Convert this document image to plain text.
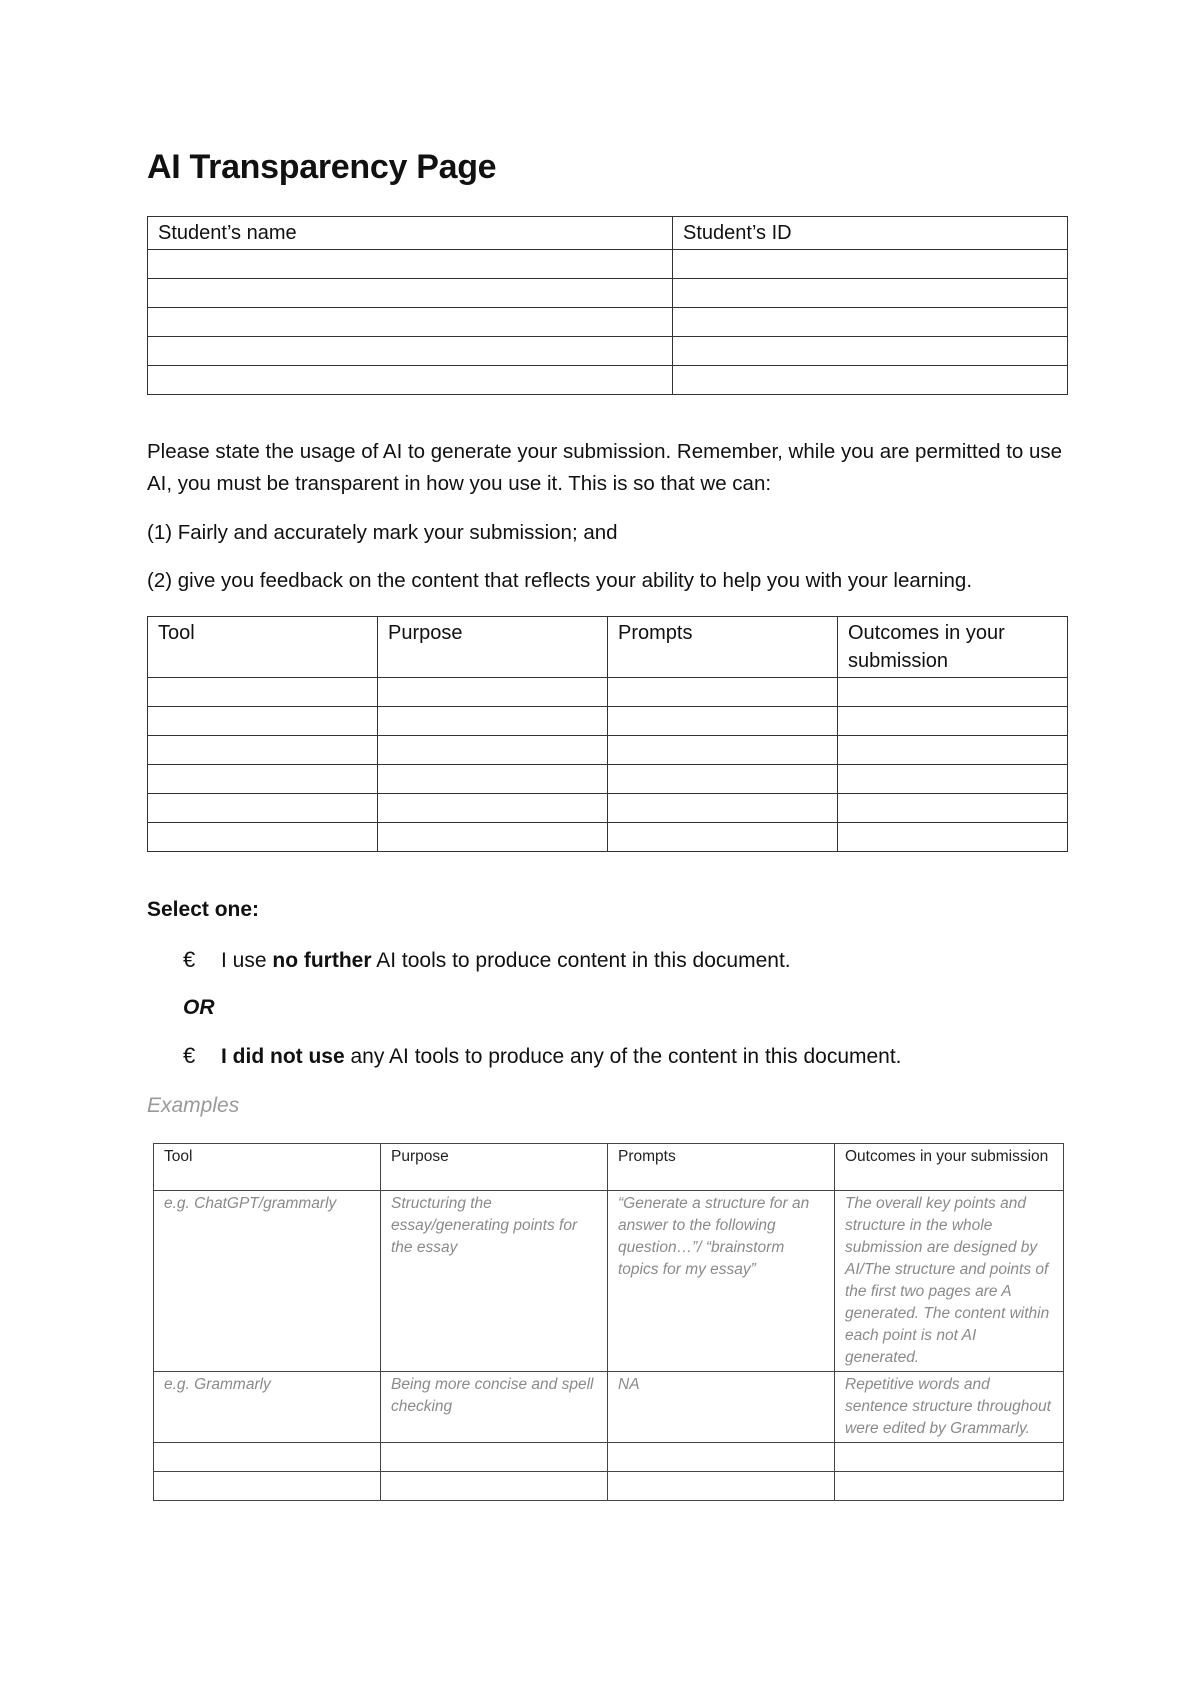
AI Transparency Page
Student’s name	Student’s ID

Please state the usage of AI to generate your submission. Remember, while you are permitted to use AI, you must be transparent in how you use it. This is so that we can:

(1) Fairly and accurately mark your submission; and

(2) give you feedback on the content that reflects your ability to help you with your learning.

Tool	Purpose	Prompts	Outcomes in your submission

Select one:

€ I use no further AI tools to produce content in this document.
OR
€ I did not use any AI tools to produce any of the content in this document.
Examples
Tool	Purpose	Prompts	Outcomes in your submission
e.g. ChatGPT/grammarly	Structuring the essay/generating points for the essay	“Generate a structure for an answer to the following question…”/ “brainstorm topics for my essay”	The overall key points and structure in the whole submission are designed by AI/The structure and points of the first two pages are A generated. The content within each point is not AI generated.
e.g. Grammarly	Being more concise and spell checking	NA	Repetitive words and sentence structure throughout were edited by Grammarly.
